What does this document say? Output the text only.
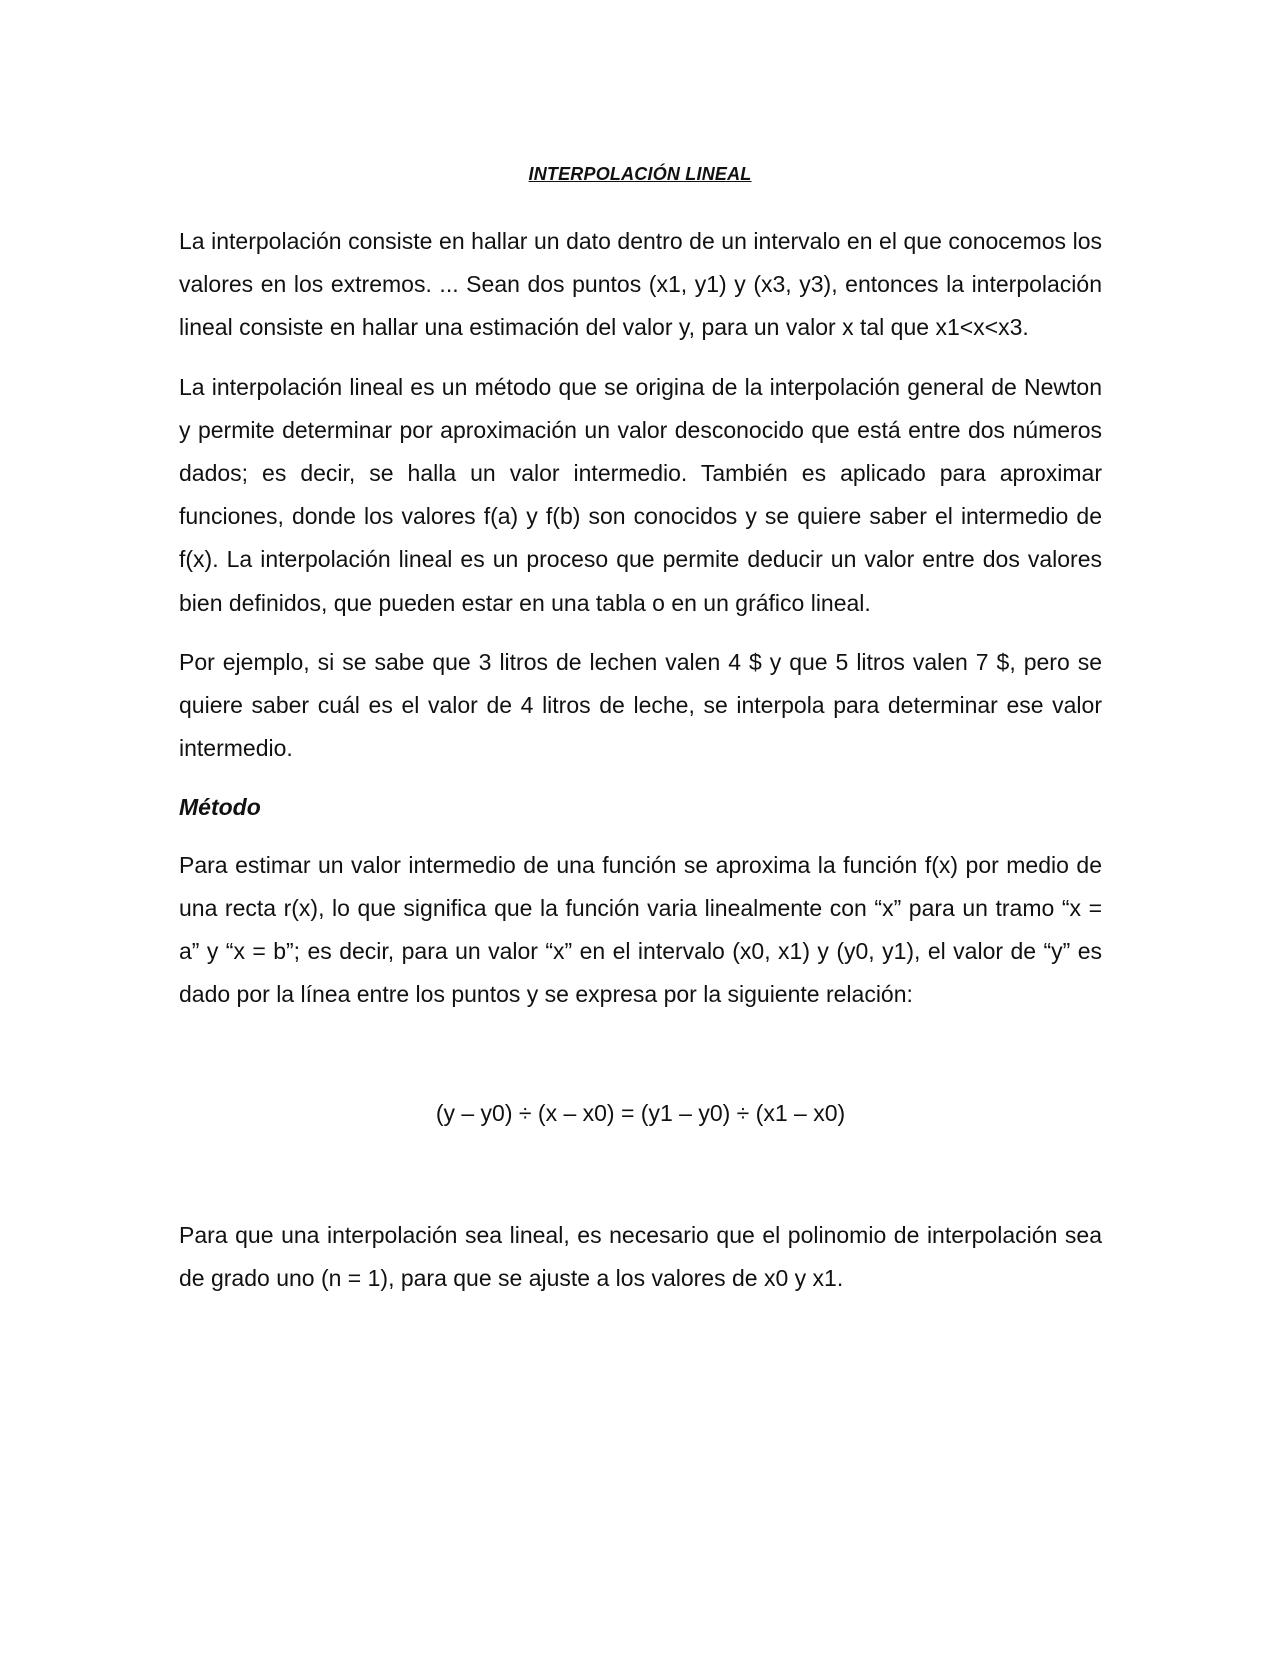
INTERPOLACIÓN LINEAL

La interpolación consiste en hallar un dato dentro de un intervalo en el que conocemos los valores en los extremos. ... Sean dos puntos (x1, y1) y (x3, y3), entonces la interpolación lineal consiste en hallar una estimación del valor y, para un valor x tal que x1<x<x3.

La interpolación lineal es un método que se origina de la interpolación general de Newton y permite determinar por aproximación un valor desconocido que está entre dos números dados; es decir, se halla un valor intermedio. También es aplicado para aproximar funciones, donde los valores f(a) y f(b) son conocidos y se quiere saber el intermedio de f(x). La interpolación lineal es un proceso que permite deducir un valor entre dos valores bien definidos, que pueden estar en una tabla o en un gráfico lineal.

Por ejemplo, si se sabe que 3 litros de lechen valen 4 $ y que 5 litros valen 7 $, pero se quiere saber cuál es el valor de 4 litros de leche, se interpola para determinar ese valor intermedio.

Método

Para estimar un valor intermedio de una función se aproxima la función f(x) por medio de una recta r(x), lo que significa que la función varia linealmente con “x” para un tramo “x = a” y “x = b”; es decir, para un valor “x” en el intervalo (x0, x1) y (y0, y1), el valor de “y” es dado por la línea entre los puntos y se expresa por la siguiente relación:

(y – y0) ÷ (x – x0) = (y1 – y0) ÷ (x1 – x0)

Para que una interpolación sea lineal, es necesario que el polinomio de interpolación sea de grado uno (n = 1), para que se ajuste a los valores de x0 y x1.
